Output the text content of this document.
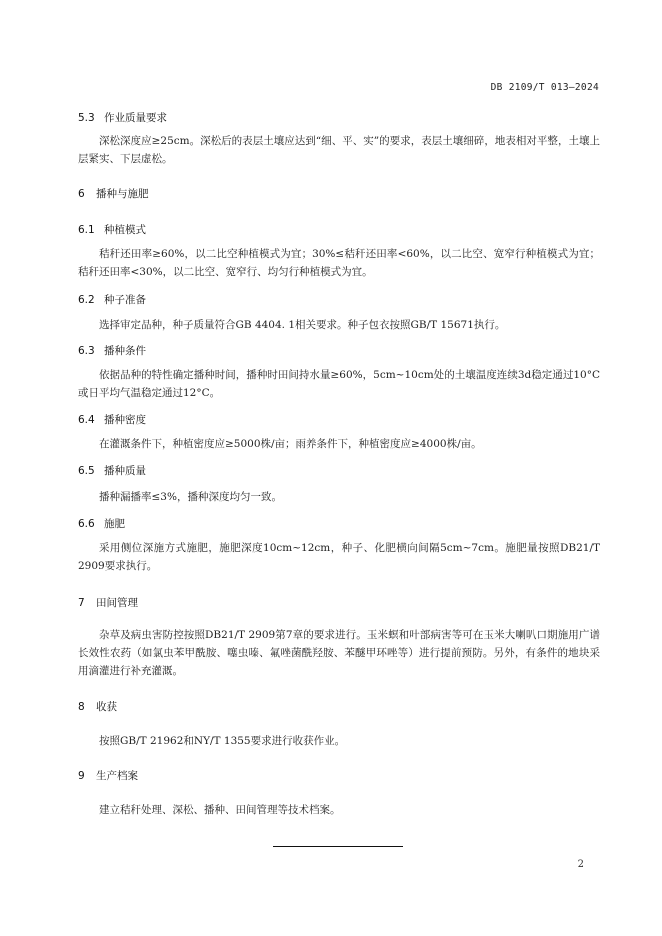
DB 2109/T 013—2024
5.3 作业质量要求
深松深度应≥25cm。深松后的表层土壤应达到“细、平、实”的要求，表层土壤细碎，地表相对平整，土壤上层紧实、下层虚松。
6 播种与施肥
6.1 种植模式
秸秆还田率≥60%，以二比空种植模式为宜；30%≤秸秆还田率<60%，以二比空、宽窄行种植模式为宜；秸秆还田率<30%，以二比空、宽窄行、均匀行种植模式为宜。
6.2 种子准备
选择审定品种，种子质量符合GB 4404. 1相关要求。种子包衣按照GB/T 15671执行。
6.3 播种条件
依据品种的特性确定播种时间，播种时田间持水量≥60%，5cm~10cm处的土壤温度连续3d稳定通过10°C或日平均气温稳定通过12°C。
6.4 播种密度
在灌溉条件下，种植密度应≥5000株/亩；雨养条件下，种植密度应≥4000株/亩。
6.5 播种质量
播种漏播率≤3%，播种深度均匀一致。
6.6 施肥
采用侧位深施方式施肥，施肥深度10cm~12cm，种子、化肥横向间隔5cm~7cm。施肥量按照DB21/T 2909要求执行。
7 田间管理
杂草及病虫害防控按照DB21/T 2909第7章的要求进行。玉米螟和叶部病害等可在玉米大喇叭口期施用广谱长效性农药（如氯虫苯甲酰胺、噻虫嗪、氟唑菌酰羟胺、苯醚甲环唑等）进行提前预防。另外，有条件的地块采用滴灌进行补充灌溉。
8 收获
按照GB/T 21962和NY/T 1355要求进行收获作业。
9 生产档案
建立秸秆处理、深松、播种、田间管理等技术档案。
2
